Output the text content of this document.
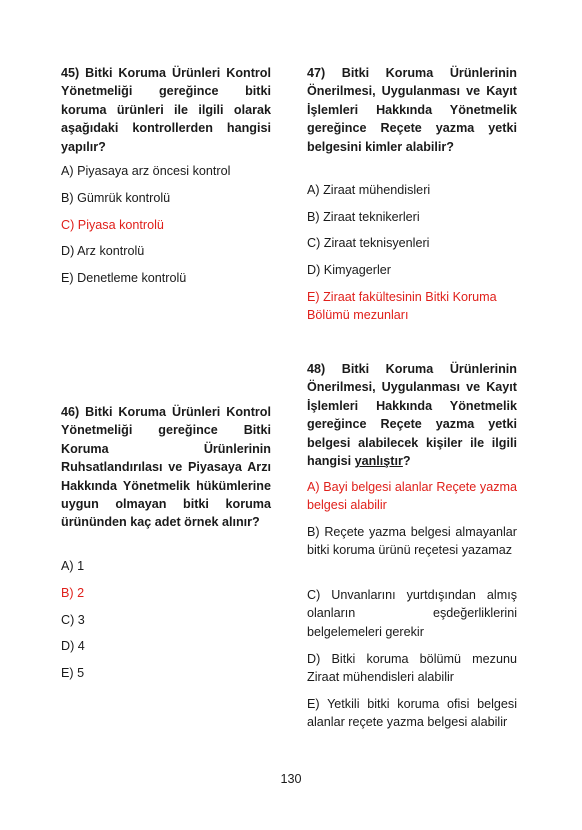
45) Bitki Koruma Ürünleri Kontrol Yönetmeliği gereğince bitki koruma ürünleri ile ilgili olarak aşağıdaki kontrollerden hangisi yapılır?

A) Piyasaya arz öncesi kontrol

B) Gümrük kontrolü

C) Piyasa kontrolü

D) Arz kontrolü

E) Denetleme kontrolü

46) Bitki Koruma Ürünleri Kontrol Yönetmeliği gereğince Bitki Koruma Ürünlerinin Ruhsatlandırılası ve Piyasaya Arzı Hakkında Yönetmelik hükümlerine uygun olmayan bitki koruma ürününden kaç adet örnek alınır?

A) 1

B) 2

C) 3

D) 4

E) 5

47) Bitki Koruma Ürünlerinin Önerilmesi, Uygulanması ve Kayıt İşlemleri Hakkında Yönetmelik gereğince Reçete yazma yetki belgesini kimler alabilir?

A) Ziraat mühendisleri

B) Ziraat teknikerleri

C) Ziraat teknisyenleri

D) Kimyagerler

E) Ziraat fakültesinin Bitki Koruma Bölümü mezunları

48) Bitki Koruma Ürünlerinin Önerilmesi, Uygulanması ve Kayıt İşlemleri Hakkında Yönetmelik gereğince Reçete yazma yetki belgesi alabilecek kişiler ile ilgili hangisi yanlıştır?

A) Bayi belgesi alanlar Reçete yazma belgesi alabilir

B) Reçete yazma belgesi almayanlar bitki koruma ürünü reçetesi yazamaz

C) Unvanlarını yurtdışından almış olanların eşdeğerliklerini belgelemeleri gerekir

D) Bitki koruma bölümü mezunu Ziraat mühendisleri alabilir

E) Yetkili bitki koruma ofisi belgesi alanlar reçete yazma belgesi alabilir

130
